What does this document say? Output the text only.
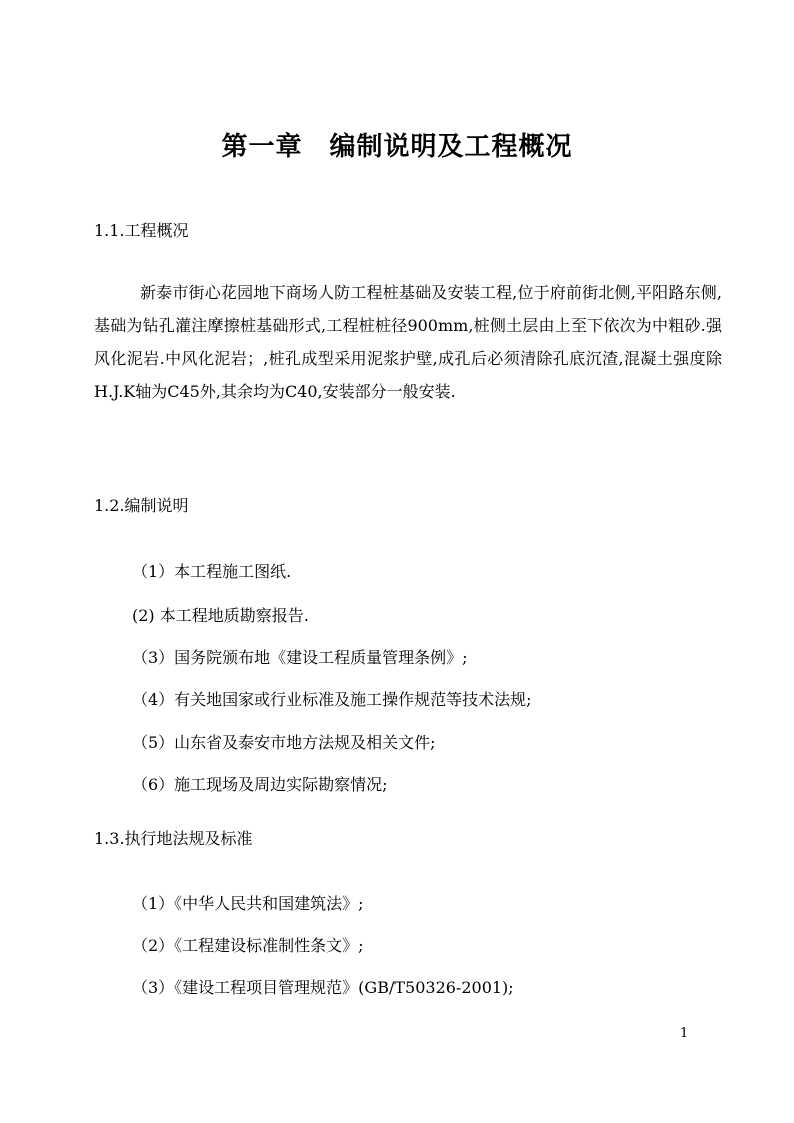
第一章　编制说明及工程概况
1.1.工程概况

新泰市街心花园地下商场人防工程桩基础及安装工程,位于府前街北侧,平阳路东侧,基础为钻孔灌注摩擦桩基础形式,工程桩桩径900mm,桩侧土层由上至下依次为中粗砂.强风化泥岩.中风化泥岩；,桩孔成型采用泥浆护壁,成孔后必须清除孔底沉渣,混凝土强度除H.J.K轴为C45外,其余均为C40,安装部分一般安装.

1.2.编制说明
（1）本工程施工图纸.
(2) 本工程地质勘察报告.
（3）国务院颁布地《建设工程质量管理条例》;
（4）有关地国家或行业标准及施工操作规范等技术法规;
（5）山东省及泰安市地方法规及相关文件;
（6）施工现场及周边实际勘察情况;
1.3.执行地法规及标准
（1）《中华人民共和国建筑法》;
（2）《工程建设标准制性条文》;
（3）《建设工程项目管理规范》(GB/T50326-2001);
1
